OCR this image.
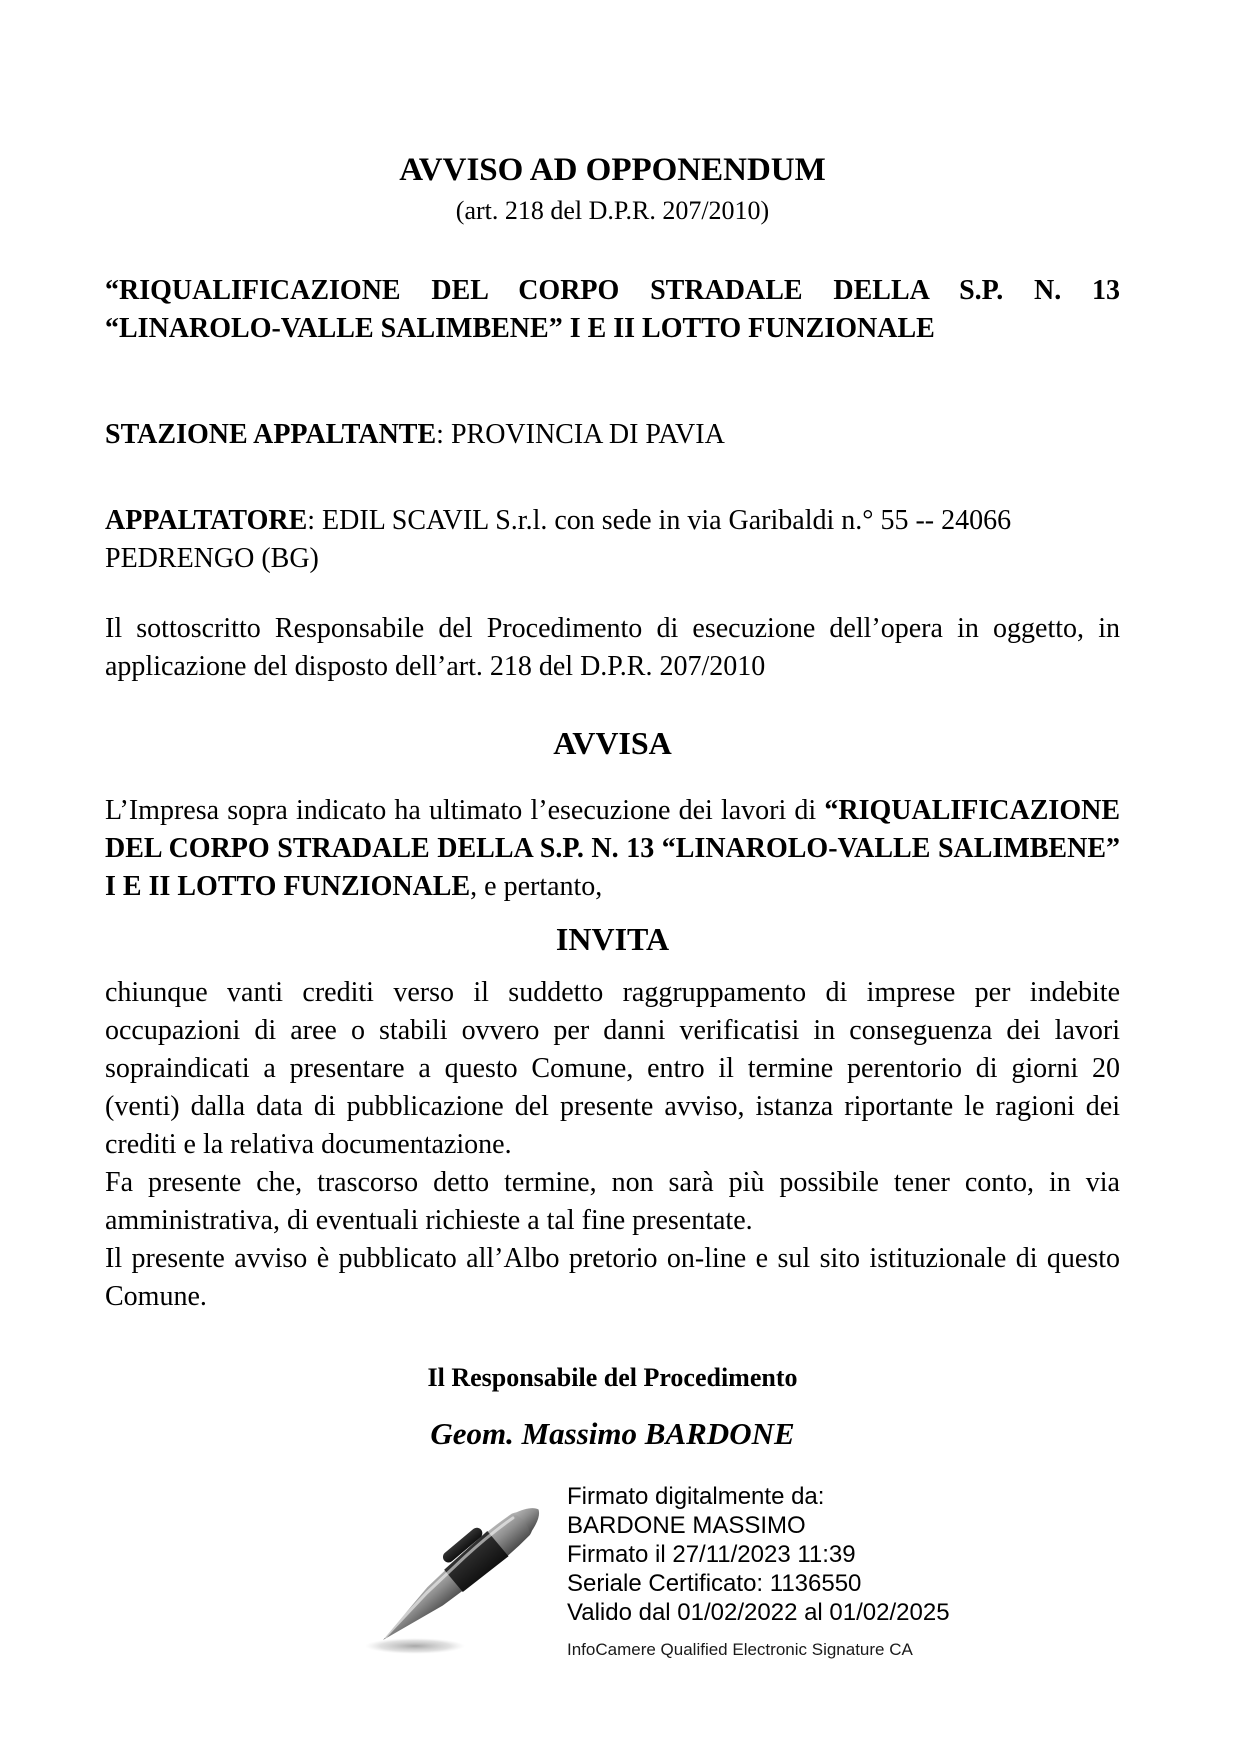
AVVISO AD OPPONENDUM
(art. 218 del D.P.R. 207/2010)
“RIQUALIFICAZIONE DEL CORPO STRADALE DELLA S.P. N. 13 “LINAROLO-VALLE SALIMBENE” I E II LOTTO FUNZIONALE
STAZIONE APPALTANTE: PROVINCIA DI PAVIA
APPALTATORE: EDIL SCAVIL S.r.l. con sede in via Garibaldi n.° 55 -- 24066 PEDRENGO (BG)
Il sottoscritto Responsabile del Procedimento di esecuzione dell’opera in oggetto, in applicazione del disposto dell’art. 218 del D.P.R. 207/2010
AVVISA
L’Impresa sopra indicato ha ultimato l’esecuzione dei lavori di “RIQUALIFICAZIONE DEL CORPO STRADALE DELLA S.P. N. 13 “LINAROLO-VALLE SALIMBENE” I E II LOTTO FUNZIONALE, e pertanto,
INVITA
chiunque vanti crediti verso il suddetto raggruppamento di imprese per indebite occupazioni di aree o stabili ovvero per danni verificatisi in conseguenza dei lavori sopraindicati a presentare a questo Comune, entro il termine perentorio di giorni 20 (venti) dalla data di pubblicazione del presente avviso, istanza riportante le ragioni dei crediti e la relativa documentazione.
Fa presente che, trascorso detto termine, non sarà più possibile tener conto, in via amministrativa, di eventuali richieste a tal fine presentate.
Il presente avviso è pubblicato all’Albo pretorio on-line e sul sito istituzionale di questo Comune.
Il Responsabile del Procedimento
Geom. Massimo BARDONE
Firmato digitalmente da:
BARDONE MASSIMO
Firmato il 27/11/2023 11:39
Seriale Certificato: 1136550
Valido dal 01/02/2022 al 01/02/2025
InfoCamere Qualified Electronic Signature CA
